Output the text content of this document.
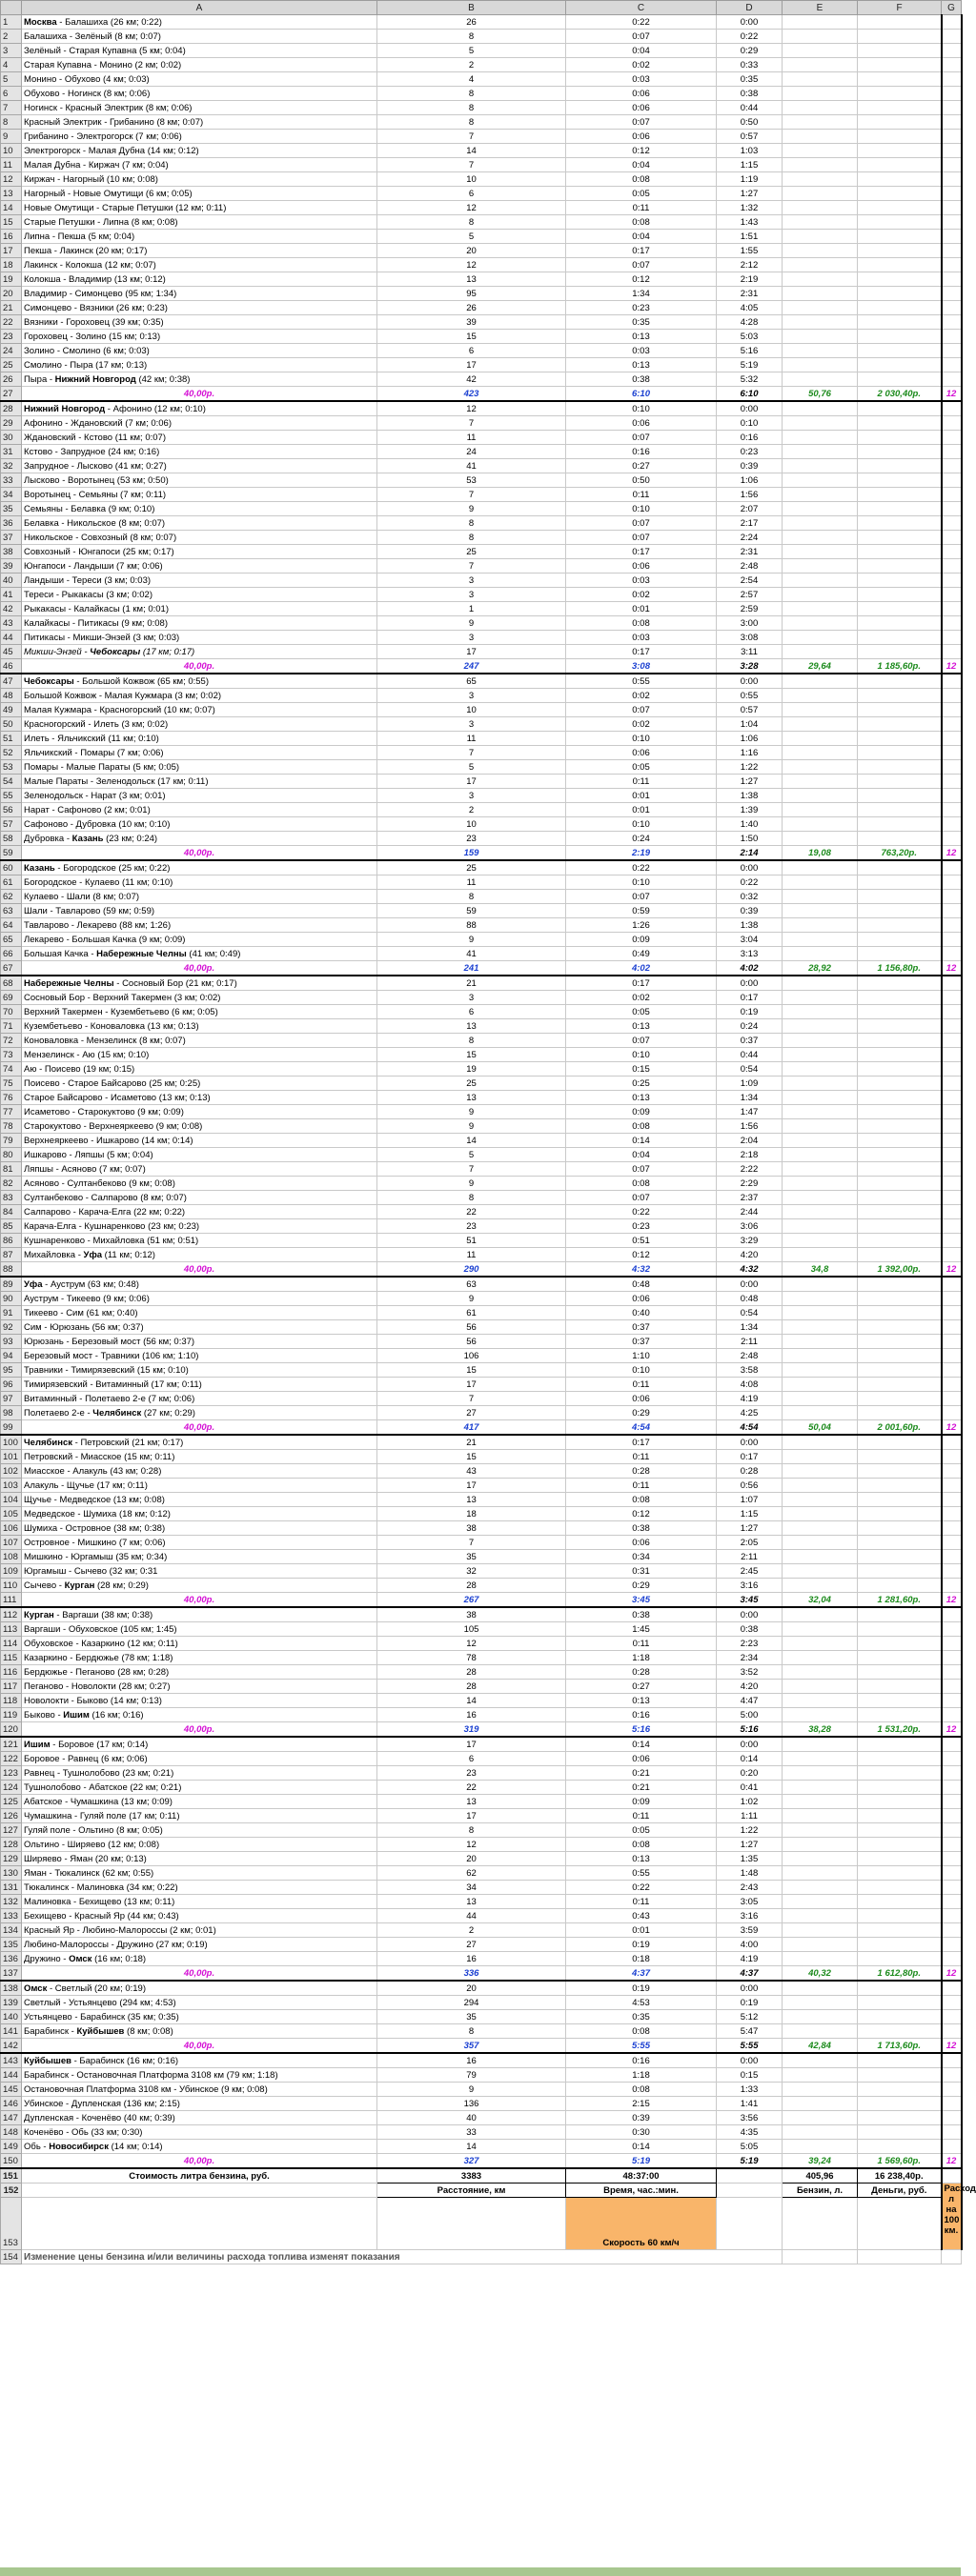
	A	B	C	D	E	F	G
1	Москва - Балашиха (26 км; 0:22)	26	0:22	0:00			
2	Балашиха - Зелёный (8 км; 0:07)	8	0:07	0:22			
3	Зелёный - Старая Купавна (5 км; 0:04)	5	0:04	0:29			
4	Старая Купавна - Монино (2 км; 0:02)	2	0:02	0:33			
5	Монино - Обухово (4 км; 0:03)	4	0:03	0:35			
6	Обухово - Ногинск (8 км; 0:06)	8	0:06	0:38			
7	Ногинск - Красный Электрик (8 км; 0:06)	8	0:06	0:44			
8	Красный Электрик - Грибанино (8 км; 0:07)	8	0:07	0:50			
9	Грибанино - Электрогорск (7 км; 0:06)	7	0:06	0:57			
10	Электрогорск - Малая Дубна (14 км; 0:12)	14	0:12	1:03			
11	Малая Дубна - Киржач (7 км; 0:04)	7	0:04	1:15			
12	Киржач - Нагорный (10 км; 0:08)	10	0:08	1:19			
13	Нагорный - Новые Омутищи (6 км; 0:05)	6	0:05	1:27			
14	Новые Омутищи - Старые Петушки (12 км; 0:11)	12	0:11	1:32			
15	Старые Петушки - Липна (8 км; 0:08)	8	0:08	1:43			
16	Липна - Пекша (5 км; 0:04)	5	0:04	1:51			
17	Пекша - Лакинск (20 км; 0:17)	20	0:17	1:55			
18	Лакинск - Колокша (12 км; 0:07)	12	0:07	2:12			
19	Колокша - Владимир (13 км; 0:12)	13	0:12	2:19			
20	Владимир - Симонцево (95 км; 1:34)	95	1:34	2:31			
21	Симонцево - Вязники (26 км; 0:23)	26	0:23	4:05			
22	Вязники - Гороховец (39 км; 0:35)	39	0:35	4:28			
23	Гороховец - Золино (15 км; 0:13)	15	0:13	5:03			
24	Золино - Смолино (6 км; 0:03)	6	0:03	5:16			
25	Смолино - Пыра (17 км; 0:13)	17	0:13	5:19			
26	Пыра - Нижний Новгород (42 км; 0:38)	42	0:38	5:32			
27	40,00р.	423	6:10	6:10	50,76	2 030,40р.	12
28	Нижний Новгород - Афонино (12 км; 0:10)	12	0:10	0:00			
29	Афонино - Ждановский (7 км; 0:06)	7	0:06	0:10			
30	Ждановский - Кстово (11 км; 0:07)	11	0:07	0:16			
31	Кстово - Запрудное (24 км; 0:16)	24	0:16	0:23			
32	Запрудное - Лысково (41 км; 0:27)	41	0:27	0:39			
33	Лысково - Воротынец (53 км; 0:50)	53	0:50	1:06			
34	Воротынец - Семьяны (7 км; 0:11)	7	0:11	1:56			
35	Семьяны - Белавка (9 км; 0:10)	9	0:10	2:07			
36	Белавка - Никольское (8 км; 0:07)	8	0:07	2:17			
37	Никольское - Совхозный (8 км; 0:07)	8	0:07	2:24			
38	Совхозный - Юнгапоси (25 км; 0:17)	25	0:17	2:31			
39	Юнгапоси - Ландыши (7 км; 0:06)	7	0:06	2:48			
40	Ландыши - Тереси (3 км; 0:03)	3	0:03	2:54			
41	Тереси - Рыкакасы (3 км; 0:02)	3	0:02	2:57			
42	Рыкакасы - Калайкасы (1 км; 0:01)	1	0:01	2:59			
43	Калайкасы - Питикасы (9 км; 0:08)	9	0:08	3:00			
44	Питикасы - Микши-Энзей (3 км; 0:03)	3	0:03	3:08			
45	Микши-Энзей - Чебоксары (17 км; 0:17)	17	0:17	3:11			
46	40,00р.	247	3:08	3:28	29,64	1 185,60р.	12
47	Чебоксары - Большой Кожвож (65 км; 0:55)	65	0:55	0:00			
48	Большой Кожвож - Малая Кужмара (3 км; 0:02)	3	0:02	0:55			
49	Малая Кужмара - Красногорский (10 км; 0:07)	10	0:07	0:57			
50	Красногорский - Илеть (3 км; 0:02)	3	0:02	1:04			
51	Илеть - Яльчикский (11 км; 0:10)	11	0:10	1:06			
52	Яльчикский - Помары (7 км; 0:06)	7	0:06	1:16			
53	Помары - Малые Параты (5 км; 0:05)	5	0:05	1:22			
54	Малые Параты - Зеленодольск (17 км; 0:11)	17	0:11	1:27			
55	Зеленодольск - Нарат (3 км; 0:01)	3	0:01	1:38			
56	Нарат - Сафоново (2 км; 0:01)	2	0:01	1:39			
57	Сафоново - Дубровка (10 км; 0:10)	10	0:10	1:40			
58	Дубровка - Казань (23 км; 0:24)	23	0:24	1:50			
59	40,00р.	159	2:19	2:14	19,08	763,20р.	12
60	Казань - Богородское (25 км; 0:22)	25	0:22	0:00			
61	Богородское - Кулаево (11 км; 0:10)	11	0:10	0:22			
62	Кулаево - Шали (8 км; 0:07)	8	0:07	0:32			
63	Шали - Тавларово (59 км; 0:59)	59	0:59	0:39			
64	Тавларово - Лекарево (88 км; 1:26)	88	1:26	1:38			
65	Лекарево - Большая Качка (9 км; 0:09)	9	0:09	3:04			
66	Большая Качка - Набережные Челны (41 км; 0:49)	41	0:49	3:13			
67	40,00р.	241	4:02	4:02	28,92	1 156,80р.	12
68	Набережные Челны - Сосновый Бор (21 км; 0:17)	21	0:17	0:00			
69	Сосновый Бор - Верхний Такермен (3 км; 0:02)	3	0:02	0:17			
70	Верхний Такермен - Кузембетьево (6 км; 0:05)	6	0:05	0:19			
71	Кузембетьево - Коноваловка (13 км; 0:13)	13	0:13	0:24			
72	Коноваловка - Мензелинск (8 км; 0:07)	8	0:07	0:37			
73	Мензелинск - Аю (15 км; 0:10)	15	0:10	0:44			
74	Аю - Поисево (19 км; 0:15)	19	0:15	0:54			
75	Поисево - Старое Байсарово (25 км; 0:25)	25	0:25	1:09			
76	Старое Байсарово - Исаметово (13 км; 0:13)	13	0:13	1:34			
77	Исаметово - Старокуктово (9 км; 0:09)	9	0:09	1:47			
78	Старокуктово - Верхнеяркеево (9 км; 0:08)	9	0:08	1:56			
79	Верхнеяркеево - Ишкарово (14 км; 0:14)	14	0:14	2:04			
80	Ишкарово - Ляпшы (5 км; 0:04)	5	0:04	2:18			
81	Ляпшы - Асяново (7 км; 0:07)	7	0:07	2:22			
82	Асяново - Султанбеково (9 км; 0:08)	9	0:08	2:29			
83	Султанбеково - Салпарово (8 км; 0:07)	8	0:07	2:37			
84	Салпарово - Карача-Елга (22 км; 0:22)	22	0:22	2:44			
85	Карача-Елга - Кушнаренково (23 км; 0:23)	23	0:23	3:06			
86	Кушнаренково - Михайловка (51 км; 0:51)	51	0:51	3:29			
87	Михайловка - Уфа (11 км; 0:12)	11	0:12	4:20			
88	40,00р.	290	4:32	4:32	34,8	1 392,00р.	12
89	Уфа - Ауструм (63 км; 0:48)	63	0:48	0:00			
90	Ауструм - Тикеево (9 км; 0:06)	9	0:06	0:48			
91	Тикеево - Сим (61 км; 0:40)	61	0:40	0:54			
92	Сим - Юрюзань (56 км; 0:37)	56	0:37	1:34			
93	Юрюзань - Березовый мост (56 км; 0:37)	56	0:37	2:11			
94	Березовый мост - Травники (106 км; 1:10)	106	1:10	2:48			
95	Травники - Тимирязевский (15 км; 0:10)	15	0:10	3:58			
96	Тимирязевский - Витаминный (17 км; 0:11)	17	0:11	4:08			
97	Витаминный - Полетаево 2-е (7 км; 0:06)	7	0:06	4:19			
98	Полетаево 2-е - Челябинск (27 км; 0:29)	27	0:29	4:25			
99	40,00р.	417	4:54	4:54	50,04	2 001,60р.	12
100	Челябинск - Петровский (21 км; 0:17)	21	0:17	0:00			
101	Петровский - Миасское (15 км; 0:11)	15	0:11	0:17			
102	Миасское - Алакуль (43 км; 0:28)	43	0:28	0:28			
103	Алакуль - Щучье (17 км; 0:11)	17	0:11	0:56			
104	Щучье - Медведское (13 км; 0:08)	13	0:08	1:07			
105	Медведское - Шумиха (18 км; 0:12)	18	0:12	1:15			
106	Шумиха - Островное (38 км; 0:38)	38	0:38	1:27			
107	Островное - Мишкино (7 км; 0:06)	7	0:06	2:05			
108	Мишкино - Юргамыш (35 км; 0:34)	35	0:34	2:11			
109	Юргамыш - Сычево (32 км; 0:31	32	0:31	2:45			
110	Сычево - Курган (28 км; 0:29)	28	0:29	3:16			
111	40,00р.	267	3:45	3:45	32,04	1 281,60р.	12
112	Курган - Варгаши (38 км; 0:38)	38	0:38	0:00			
113	Варгаши - Обуховское (105 км; 1:45)	105	1:45	0:38			
114	Обуховское - Казаркино (12 км; 0:11)	12	0:11	2:23			
115	Казаркино - Бердюжье (78 км; 1:18)	78	1:18	2:34			
116	Бердюжье - Пеганово (28 км; 0:28)	28	0:28	3:52			
117	Пеганово - Новолокти (28 км; 0:27)	28	0:27	4:20			
118	Новолокти - Быково (14 км; 0:13)	14	0:13	4:47			
119	Быково - Ишим (16 км; 0:16)	16	0:16	5:00			
120	40,00р.	319	5:16	5:16	38,28	1 531,20р.	12
121	Ишим - Боровое (17 км; 0:14)	17	0:14	0:00			
122	Боровое - Равнец (6 км; 0:06)	6	0:06	0:14			
123	Равнец - Тушнолобово (23 км; 0:21)	23	0:21	0:20			
124	Тушнолобово - Абатское (22 км; 0:21)	22	0:21	0:41			
125	Абатское - Чумашкина (13 км; 0:09)	13	0:09	1:02			
126	Чумашкина - Гуляй поле (17 км; 0:11)	17	0:11	1:11			
127	Гуляй поле - Ольтино (8 км; 0:05)	8	0:05	1:22			
128	Ольтино - Ширяево (12 км; 0:08)	12	0:08	1:27			
129	Ширяево - Яман (20 км; 0:13)	20	0:13	1:35			
130	Яман - Тюкалинск (62 км; 0:55)	62	0:55	1:48			
131	Тюкалинск - Малиновка (34 км; 0:22)	34	0:22	2:43			
132	Малиновка - Бехищево (13 км; 0:11)	13	0:11	3:05			
133	Бехищево - Красный Яр (44 км; 0:43)	44	0:43	3:16			
134	Красный Яр - Любино-Малороссы (2 км; 0:01)	2	0:01	3:59			
135	Любино-Малороссы - Дружино (27 км; 0:19)	27	0:19	4:00			
136	Дружино - Омск (16 км; 0:18)	16	0:18	4:19			
137	40,00р.	336	4:37	4:37	40,32	1 612,80р.	12
138	Омск - Светлый (20 км; 0:19)	20	0:19	0:00			
139	Светлый - Устьянцево (294 км; 4:53)	294	4:53	0:19			
140	Устьянцево - Барабинск (35 км; 0:35)	35	0:35	5:12			
141	Барабинск - Куйбышев (8 км; 0:08)	8	0:08	5:47			
142	40,00р.	357	5:55	5:55	42,84	1 713,60р.	12
143	Куйбышев - Барабинск (16 км; 0:16)	16	0:16	0:00			
144	Барабинск - Остановочная Платформа 3108 км (79 км; 1:18)	79	1:18	0:15			
145	Остановочная Платформа 3108 км - Убинское (9 км; 0:08)	9	0:08	1:33			
146	Убинское - Дупленская (136 км; 2:15)	136	2:15	1:41			
147	Дупленская - Коченёво (40 км; 0:39)	40	0:39	3:56			
148	Коченёво - Обь (33 км; 0:30)	33	0:30	4:35			
149	Обь - Новосибирск (14 км; 0:14)	14	0:14	5:05			
150	40,00р.	327	5:19	5:19	39,24	1 569,60р.	12
151	Стоимость литра бензина, руб.	3383	48:37:00		405,96	16 238,40р.	
152		Расстояние, км	Время, час.:мин.		Бензин, л.	Деньги, руб.	Расход л на 100 км.
153			Скорость 60 км/ч				
154	Изменение цены бензина и/или величины расхода топлива изменят показания						
